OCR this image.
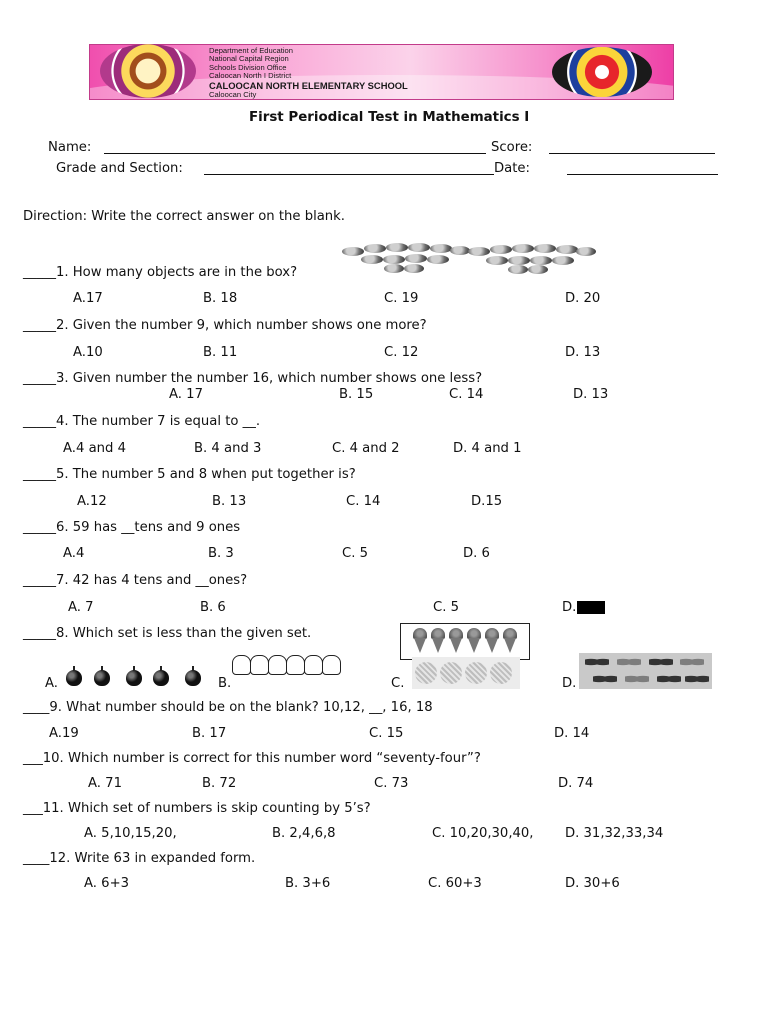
Department of Education
National Capital Region
Schools Division Office
Caloocan North I District
CALOOCAN NORTH ELEMENTARY SCHOOL
Caloocan City
First Periodical Test in Mathematics I
Name:	Score:
Grade and Section:	Date:
Direction: Write the correct answer on the blank.
_____1. How many objects are in the box?
A.17	B. 18	C. 19	D. 20
_____2. Given the number 9, which number shows one more?
A.10	B. 11	C. 12	D. 13
_____3. Given number the number 16, which number shows one less?
A. 17	B. 15	C. 14	D. 13
_____4. The number 7 is equal to __.
A.4 and 4	B. 4 and 3	C. 4 and 2	D. 4 and 1
_____5. The number 5 and 8 when put together is?
A.12	B. 13	C. 14	D.15
_____6. 59 has __tens and 9 ones
A.4	B. 3	C. 5	D. 6
_____7. 42 has 4 tens and __ones?
A. 7	B. 6	C. 5	D.
_____8. Which set is less than the given set.
A.	B.	C.	D.
____9. What number should be on the blank? 10,12, __, 16, 18
A.19	B. 17	C. 15	D. 14
___10. Which number is correct for this number word “seventy-four”?
A. 71	B. 72	C. 73	D. 74
___11. Which set of numbers is skip counting by 5’s?
A. 5,10,15,20,	B. 2,4,6,8	C. 10,20,30,40, D. 31,32,33,34
____12. Write 63 in expanded form.
A. 6+3	B. 3+6	C. 60+3	D. 30+6
